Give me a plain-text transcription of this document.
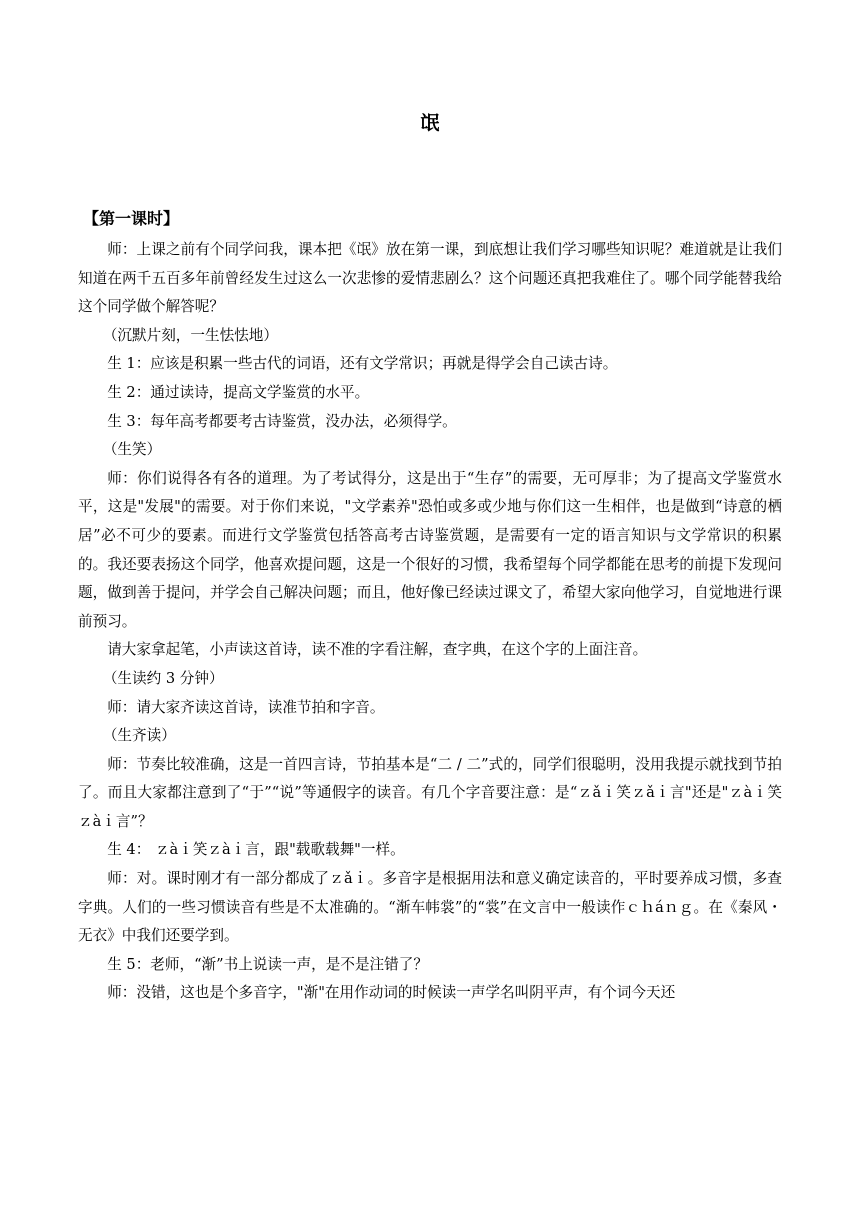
氓
【第一课时】

师：上课之前有个同学问我，课本把《氓》放在第一课，到底想让我们学习哪些知识呢？难道就是让我们知道在两千五百多年前曾经发生过这么一次悲惨的爱情悲剧么？这个问题还真把我难住了。哪个同学能替我给这个同学做个解答呢？

（沉默片刻，一生怯怯地）

生 1：应该是积累一些古代的词语，还有文学常识；再就是得学会自己读古诗。

生 2：通过读诗，提高文学鉴赏的水平。

生 3：每年高考都要考古诗鉴赏，没办法，必须得学。

（生笑）

师：你们说得各有各的道理。为了考试得分，这是出于“生存”的需要，无可厚非；为了提高文学鉴赏水平，这是"发展"的需要。对于你们来说，"文学素养"恐怕或多或少地与你们这一生相伴，也是做到“诗意的栖居”必不可少的要素。而进行文学鉴赏包括答高考古诗鉴赏题，是需要有一定的语言知识与文学常识的积累的。我还要表扬这个同学，他喜欢提问题，这是一个很好的习惯，我希望每个同学都能在思考的前提下发现问题，做到善于提问，并学会自己解决问题；而且，他好像已经读过课文了，希望大家向他学习，自觉地进行课前预习。

请大家拿起笔，小声读这首诗，读不准的字看注解，查字典，在这个字的上面注音。

（生读约 3 分钟）

师：请大家齐读这首诗，读准节拍和字音。

（生齐读）

师：节奏比较准确，这是一首四言诗，节拍基本是“二 / 二”式的，同学们很聪明，没用我提示就找到节拍了。而且大家都注意到了“于”“说”等通假字的读音。有几个字音要注意：是“ｚǎｉ笑ｚǎｉ言"还是"ｚàｉ笑ｚàｉ言”？

生 4： ｚàｉ笑ｚàｉ言，跟"载歌载舞"一样。

师：对。课时刚才有一部分都成了ｚǎｉ。多音字是根据用法和意义确定读音的，平时要养成习惯，多查字典。人们的一些习惯读音有些是不太准确的。“渐车帏裳”的“裳”在文言中一般读作ｃｈáｎｇ。在《秦风・无衣》中我们还要学到。

生 5：老师，“渐”书上说读一声，是不是注错了？

师：没错，这也是个多音字，"渐"在用作动词的时候读一声学名叫阴平声，有个词今天还
